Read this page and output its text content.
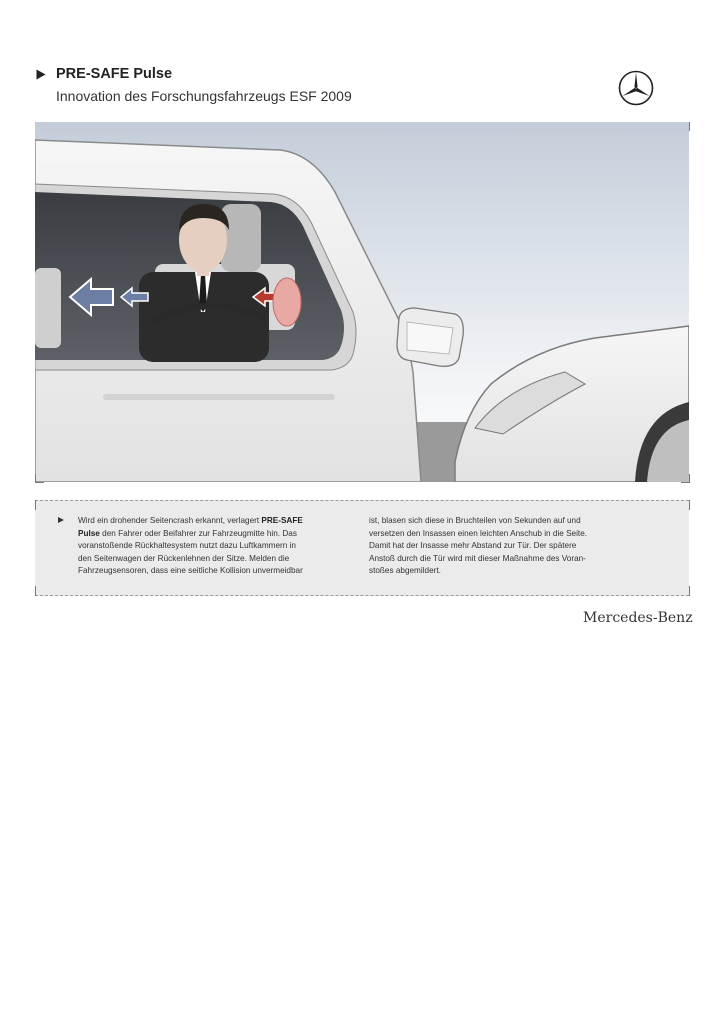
PRE-SAFE Pulse
Innovation des Forschungsfahrzeugs ESF 2009
Wird ein drohender Seitencrash erkannt, verlagert PRE-SAFE
Pulse den Fahrer oder Beifahrer zur Fahrzeugmitte hin. Das
voranstoßende Rückhaltesystem nutzt dazu Luftkammern in
den Seitenwagen der Rückenlehnen der Sitze. Melden die
Fahrzeugsensoren, dass eine seitliche Kollision unvermeidbar
ist, blasen sich diese in Bruchteilen von Sekunden auf und
versetzen den Insassen einen leichten Anschub in die Seite.
Damit hat der Insasse mehr Abstand zur Tür. Der spätere
Anstoß durch die Tür wird mit dieser Maßnahme des Voran-
stoßes abgemildert.
Mercedes-Benz
